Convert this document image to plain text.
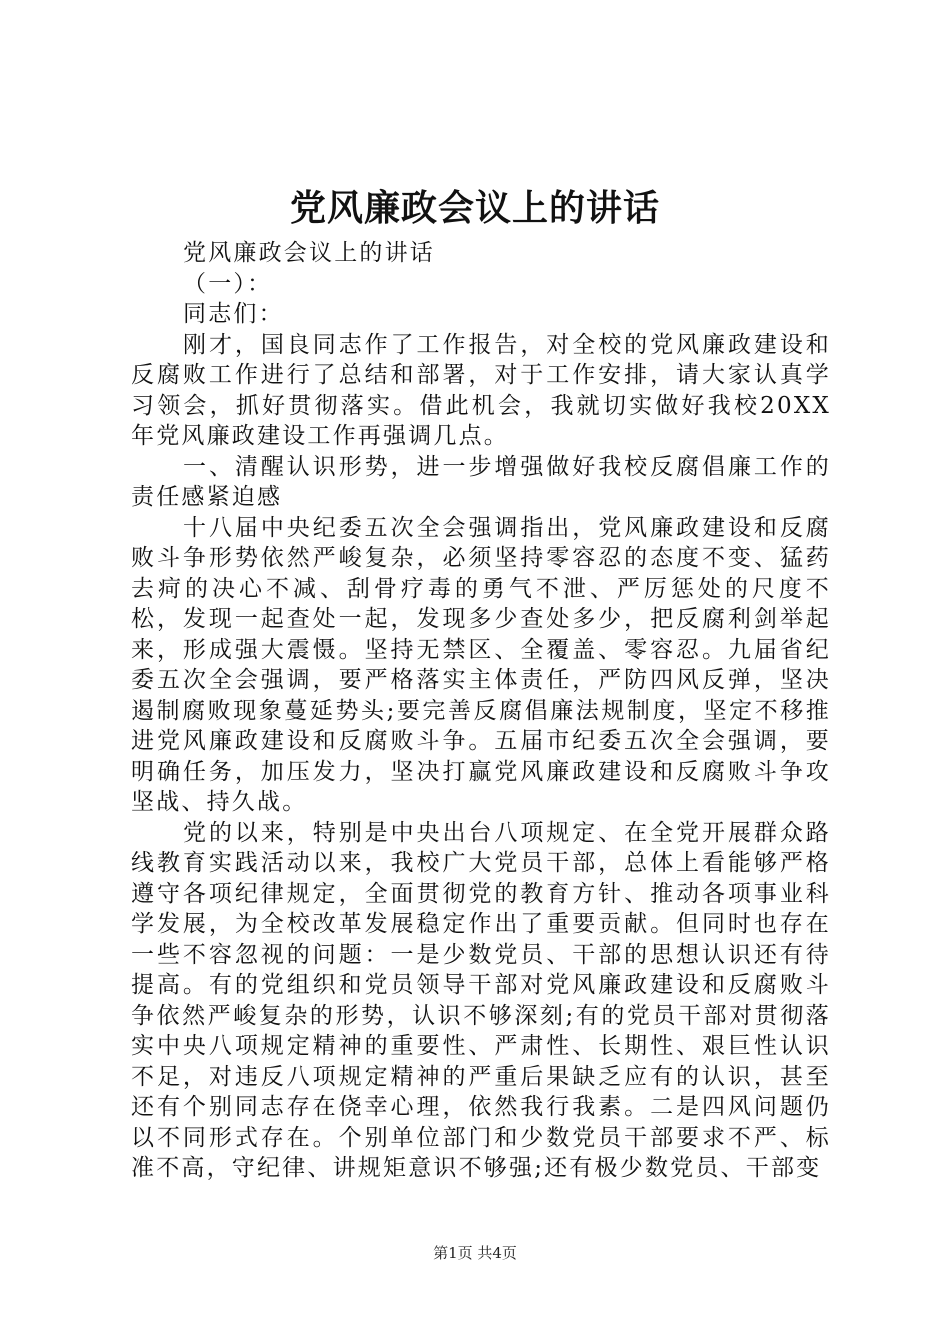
党风廉政会议上的讲话

党风廉政会议上的讲话

（一）：

同志们：

刚才，国良同志作了工作报告，对全校的党风廉政建设和反腐败工作进行了总结和部署，对于工作安排，请大家认真学习领会，抓好贯彻落实。借此机会，我就切实做好我校20XX年党风廉政建设工作再强调几点。

一、清醒认识形势，进一步增强做好我校反腐倡廉工作的责任感紧迫感

十八届中央纪委五次全会强调指出，党风廉政建设和反腐败斗争形势依然严峻复杂，必须坚持零容忍的态度不变、猛药去疴的决心不减、刮骨疗毒的勇气不泄、严厉惩处的尺度不松，发现一起查处一起，发现多少查处多少，把反腐利剑举起来，形成强大震慑。坚持无禁区、全覆盖、零容忍。九届省纪委五次全会强调，要严格落实主体责任，严防四风反弹，坚决遏制腐败现象蔓延势头;要完善反腐倡廉法规制度，坚定不移推进党风廉政建设和反腐败斗争。五届市纪委五次全会强调，要明确任务，加压发力，坚决打赢党风廉政建设和反腐败斗争攻坚战、持久战。

党的以来，特别是中央出台八项规定、在全党开展群众路线教育实践活动以来，我校广大党员干部，总体上看能够严格遵守各项纪律规定，全面贯彻党的教育方针、推动各项事业科学发展，为全校改革发展稳定作出了重要贡献。但同时也存在一些不容忽视的问题：一是少数党员、干部的思想认识还有待提高。有的党组织和党员领导干部对党风廉政建设和反腐败斗争依然严峻复杂的形势，认识不够深刻;有的党员干部对贯彻落实中央八项规定精神的重要性、严肃性、长期性、艰巨性认识不足，对违反八项规定精神的严重后果缺乏应有的认识，甚至还有个别同志存在侥幸心理，依然我行我素。二是四风问题仍以不同形式存在。个别单位部门和少数党员干部要求不严、标准不高，守纪律、讲规矩意识不够强;还有极少数党员、干部变

第1页 共4页
